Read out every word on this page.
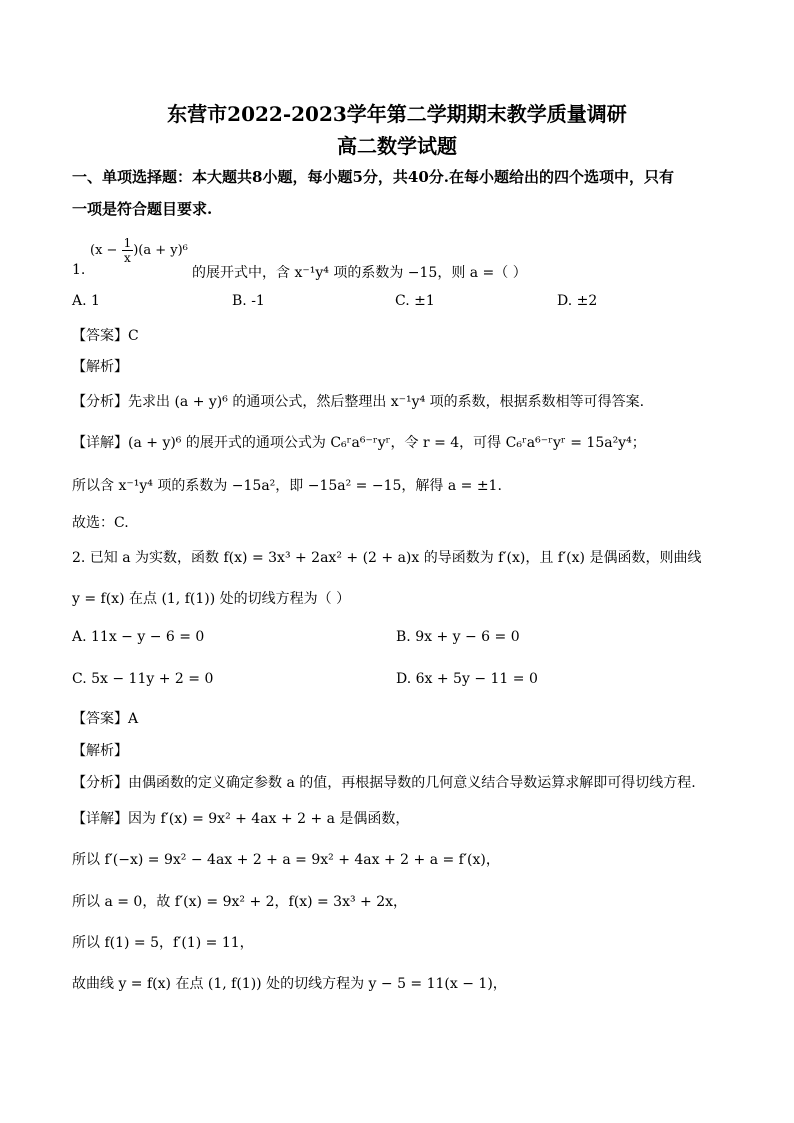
东营市2022-2023学年第二学期期末教学质量调研
高二数学试题
一、单项选择题：本大题共8小题，每小题5分，共40分.在每小题给出的四个选项中，只有
一项是符合题目要求.
$(x - \frac{1}{x} )(a + y)^6$
1.	的展开式中，含 x⁻¹y⁴ 项的系数为 −15，则 a =（ ）
A. 1	B. -1	C. ±1	D. ±2
【答案】C
【解析】
【分析】先求出 (a + y)⁶ 的通项公式，然后整理出 x⁻¹y⁴ 项的系数，根据系数相等可得答案.
【详解】(a + y)⁶ 的展开式的通项公式为 C₆ʳa⁶⁻ʳyʳ，令 r = 4，可得 C₆ʳa⁶⁻ʳyʳ = 15a²y⁴；
所以含 x⁻¹y⁴ 项的系数为 −15a²，即 −15a² = −15，解得 a = ±1.
故选：C.
2. 已知 a 为实数，函数 f(x) = 3x³ + 2ax² + (2 + a)x 的导函数为 f′(x)，且 f′(x) 是偶函数，则曲线
y = f(x) 在点 (1, f(1)) 处的切线方程为（ ）
A. 11x − y − 6 = 0	B. 9x + y − 6 = 0
C. 5x − 11y + 2 = 0	D. 6x + 5y − 11 = 0
【答案】A
【解析】
【分析】由偶函数的定义确定参数 a 的值，再根据导数的几何意义结合导数运算求解即可得切线方程.
【详解】因为 f′(x) = 9x² + 4ax + 2 + a 是偶函数，
所以 f′(−x) = 9x² − 4ax + 2 + a = 9x² + 4ax + 2 + a = f′(x)，
所以 a = 0，故 f′(x) = 9x² + 2，f(x) = 3x³ + 2x，
所以 f(1) = 5，f′(1) = 11，
故曲线 y = f(x) 在点 (1, f(1)) 处的切线方程为 y − 5 = 11(x − 1)，
